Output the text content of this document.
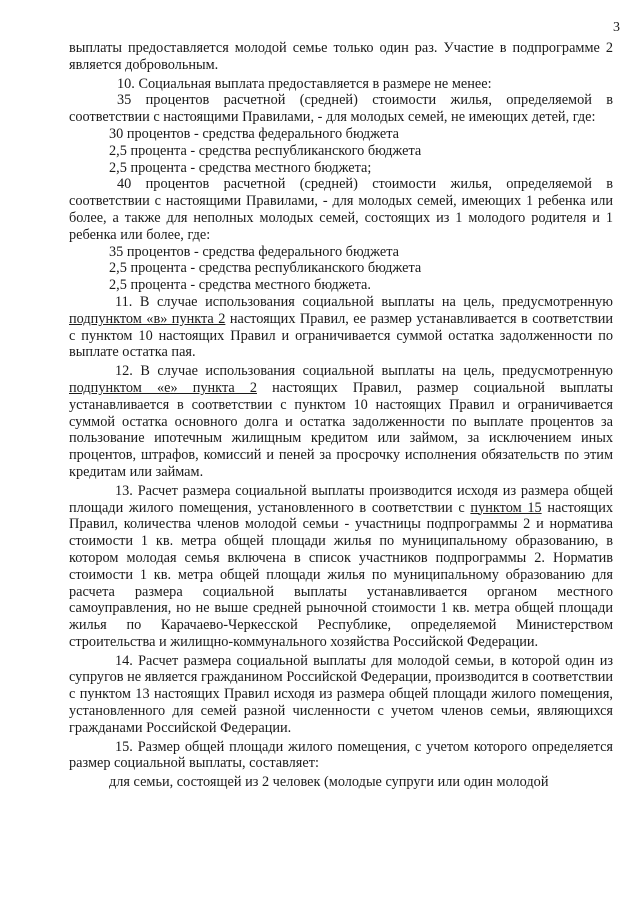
3

выплаты предоставляется молодой семье только один раз. Участие в подпрограмме 2 является добровольным.

10. Социальная выплата предоставляется в размере не менее:

35 процентов расчетной (средней) стоимости жилья, определяемой в соответствии с настоящими Правилами, - для молодых семей, не имеющих детей, где:

30 процентов - средства федерального бюджета

2,5 процента - средства республиканского бюджета

2,5 процента - средства местного бюджета;

40 процентов расчетной (средней) стоимости жилья, определяемой в соответствии с настоящими Правилами, - для молодых семей, имеющих 1 ребенка или более, а также для неполных молодых семей, состоящих из 1 молодого родителя и 1 ребенка или более, где:

35 процентов - средства федерального бюджета

2,5 процента - средства республиканского бюджета

2,5 процента - средства местного бюджета.

11. В случае использования социальной выплаты на цель, предусмотренную подпунктом «в» пункта 2 настоящих Правил, ее размер устанавливается в соответствии с пунктом 10 настоящих Правил и ограничивается суммой остатка задолженности по выплате остатка пая.

12. В случае использования социальной выплаты на цель, предусмотренную подпунктом «е» пункта 2 настоящих Правил, размер социальной выплаты устанавливается в соответствии с пунктом 10 настоящих Правил и ограничивается суммой остатка основного долга и остатка задолженности по выплате процентов за пользование ипотечным жилищным кредитом или займом, за исключением иных процентов, штрафов, комиссий и пеней за просрочку исполнения обязательств по этим кредитам или займам.

13. Расчет размера социальной выплаты производится исходя из размера общей площади жилого помещения, установленного в соответствии с пунктом 15 настоящих Правил, количества членов молодой семьи - участницы подпрограммы 2 и норматива стоимости 1 кв. метра общей площади жилья по муниципальному образованию, в котором молодая семья включена в список участников подпрограммы 2. Норматив стоимости 1 кв. метра общей площади жилья по муниципальному образованию для расчета размера социальной выплаты устанавливается органом местного самоуправления, но не выше средней рыночной стоимости 1 кв. метра общей площади жилья по Карачаево-Черкесской Республике, определяемой Министерством строительства и жилищно-коммунального хозяйства Российской Федерации.

14. Расчет размера социальной выплаты для молодой семьи, в которой один из супругов не является гражданином Российской Федерации, производится в соответствии с пунктом 13 настоящих Правил исходя из размера общей площади жилого помещения, установленного для семей разной численности с учетом членов семьи, являющихся гражданами Российской Федерации.

15. Размер общей площади жилого помещения, с учетом которого определяется размер социальной выплаты, составляет:

для семьи, состоящей из 2 человек (молодые супруги или один молодой
